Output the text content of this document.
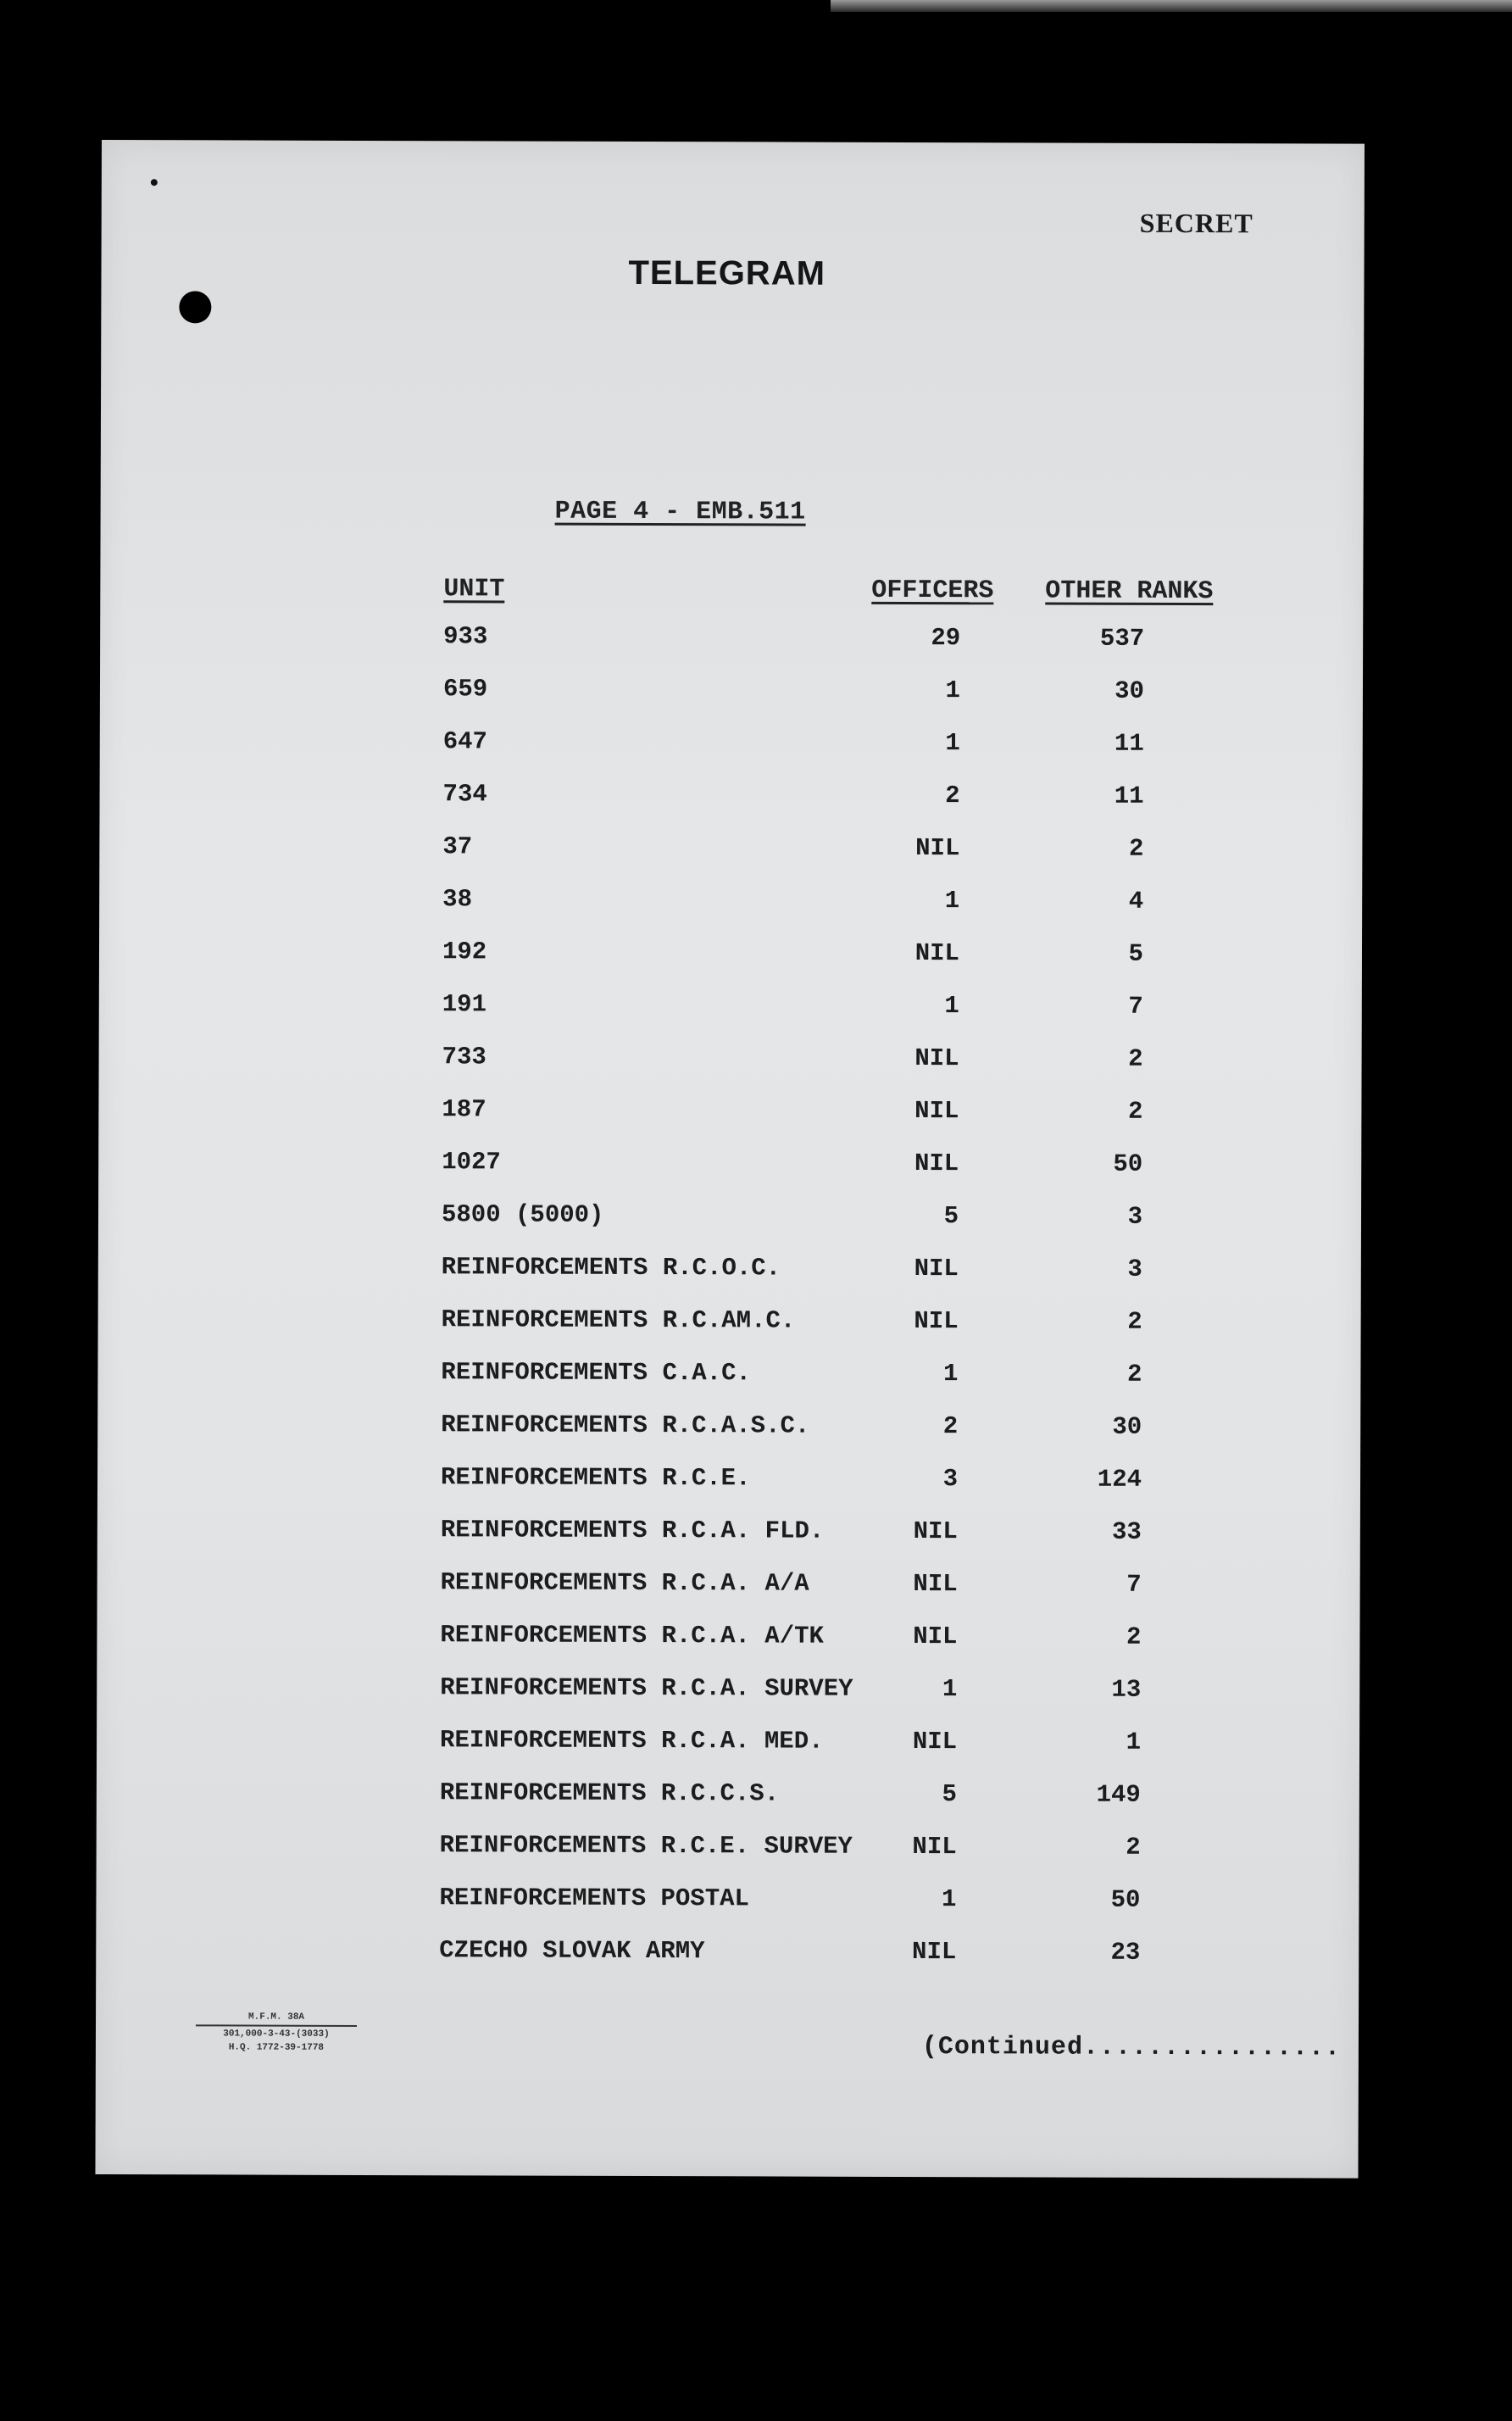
SECRET
TELEGRAM
PAGE 4 - EMB.511
UNIT	OFFICERS OTHER RANKS
933	29	537
659	1	30
647	1	11
734	2	11
37	NIL	2
38	1	4
192	NIL	5
191	1	7
733	NIL	2
187	NIL	2
1027	NIL	50
5800 (5000)	5	3
REINFORCEMENTS R.C.O.C.	NIL	3
REINFORCEMENTS R.C.AM.C.	NIL	2
REINFORCEMENTS C.A.C.	1	2
REINFORCEMENTS R.C.A.S.C.	2	30
REINFORCEMENTS R.C.E.	3	124
REINFORCEMENTS R.C.A. FLD.	NIL	33
REINFORCEMENTS R.C.A. A/A	NIL	7
REINFORCEMENTS R.C.A. A/TK	NIL	2
REINFORCEMENTS R.C.A. SURVEY	1	13
REINFORCEMENTS R.C.A. MED.	NIL	1
REINFORCEMENTS R.C.C.S.	5	149
REINFORCEMENTS R.C.E. SURVEY NIL	2
REINFORCEMENTS POSTAL	1	50
CZECHO SLOVAK ARMY	NIL	23
M.F.M. 38A
301,000-3-43-(3033)
H.Q. 1772-39-1778	(Continued................
